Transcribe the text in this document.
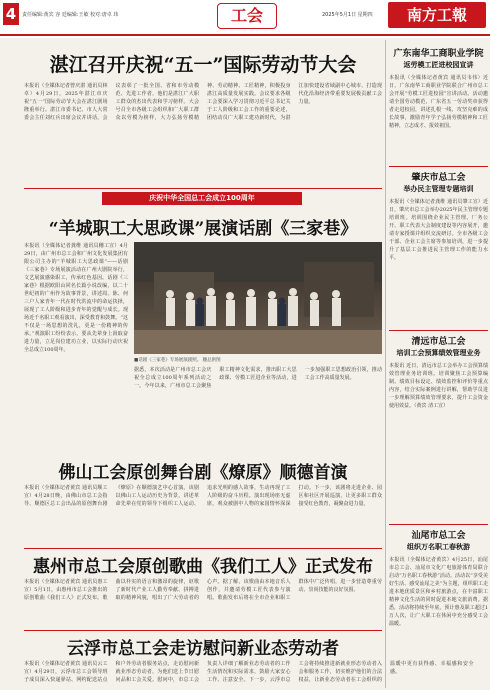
4	责任编辑:黄宾 容 廷编辑:王敏 校对:唐卓 玮	工会	2025年5月1日 星期四	南方工報
湛江召开庆祝“五一”国际劳动节大会
本报讯（全媒体记者曾庆湛 通讯员林卓）4月29日，2025年湛江市庆祝“五一”国际劳动节大会在湛江剧场隆重举行。湛江市委书记、市人大常委会主任刘红兵出席会议并讲话。会议表彰了一批全国、省和市劳动模范、先进工作者，他们是湛江广大职工群众的杰出代表和学习榜样。大会号召全市各级工会组织和广大职工群众以劳模为榜样，大力弘扬劳模精神、劳动精神、工匠精神，积极投身湛江高质量发展实践。会议要求各级工会要深入学习贯彻习近平总书记关于工人阶级和工会工作的重要论述，团结动员广大职工建功新时代，为湛江加快建设省域副中心城市、打造现代化沿海经济带重要发展极贡献工会力量。
庆祝中华全国总工会成立100周年
“羊城职工大思政课”展演话剧《三家巷》
本报讯（全媒体记者龚维 通讯员穗工宣）4月29日，由广州市总工会和广州文化发展集团有限公司主办的“羊城职工大思政课”——话剧《三家巷》专场展演活动在广州大剧院举行，文艺展演感染职工，传承红色基因。话剧《三家巷》根据欧阳山同名长篇小说改编，以二十世纪初的广州作为故事背景，讲述周、陈、何三户人家青年一代在时代洪流中的命运抉择，展现了工人阶级和进步青年的觉醒与成长。现场近千名职工观看演出，深受教育和鼓舞。“这不仅是一场思想的洗礼，更是一份精神的传承。”观演职工纷纷表示，要从先辈身上汲取奋进力量，立足岗位建功立业，以实际行动庆祝全总成立100周年。
■话剧《三家巷》专场展演剧照。 穗总供图
据悉，本次活动是广州市总工会庆祝全总成立100周年系列活动之一。今年以来，广州市总工会聚焦职工精神文化需求，推出职工大思政课、劳模工匠进企业等活动，进一步加强职工思想政治引领，推动工会工作高质量发展。
佛山工会原创舞台剧《燎原》顺德首演
本报讯（全媒体记者黄宾 通讯员顺工宣）4月28日晚，由佛山市总工会指导、顺德区总工会出品的原创舞台剧《燎原》在顺德演艺中心首演。该剧以佛山工人运动历史为背景，讲述革命先辈在党的领导下组织工人运动、追求光明的感人故事，生动再现了工人阶级的奋斗历程。演出现场座无虚席，观众被剧中人物的家国情怀深深打动。下一步，该剧将走进企业、园区和社区开展巡演，让更多职工群众接受红色教育，凝聚奋进力量。
惠州市总工会原创歌曲《我们工人》正式发布
本报讯（全媒体记者黄宾 通讯员惠工宣）5月1日，由惠州市总工会推出的原创歌曲《我们工人》正式发布。歌曲以朴实的语言和激昂的旋律，讴歌了新时代产业工人勤劳奉献、拼搏进取的精神风貌，唱出了广大劳动者的心声。据了解，该歌曲由本地音乐人创作，并邀请劳模工匠代表参与演唱。歌曲发布后将在全市企业和职工群体中广泛传唱，进一步营造尊重劳动、崇尚技能的良好氛围。
云浮市总工会走访慰问新业态劳动者
本报讯（全媒体记者黄宾 通讯员云工宣）4月29日，云浮市总工会领导班子成员深入快递驿站、网约配送站点和户外劳动者服务站点，走访慰问新就业形态劳动者，为他们送上节日慰问品和工会关爱。慰问中，市总工会负责人详细了解新业态劳动者的工作生活情况和实际需求，鼓励大家安心工作、注意安全。下一步，云浮市总工会将持续推进新就业形态劳动者入会和服务工作，切实维护他们的合法权益，让新业态劳动者在工会组织的温暖中更有获得感、幸福感和安全感。
广东南华工商职业学院
返劳模工匠进校园宣讲
本报讯（全媒体记者黄宾 通讯员韦伟）近日，广东南华工商职业学院联合广州市总工会开展“劳模工匠进校园”宣讲活动。活动邀请全国劳动模范、广东省五一劳动奖章获得者走进校园，讲述扎根一线、攻坚克难的成长故事，激励青年学子弘扬劳模精神和工匠精神，立志成才、报效祖国。
肇庆市总工会
举办民主管理专题培训
本报讯（全媒体记者龚维 通讯员肇工宣）近日，肇庆市总工会举办2025年民主管理专题培训班。培训围绕企业民主管理、厂务公开、职工代表大会制度建设等内容展开，邀请专家授课并组织交流研讨。全市各级工会干部、企业工会主席等参加培训，进一步提升了基层工会推进民主管理工作的能力水平。
清远市总工会
培训工会预算绩效管理业务
本报讯 近日，清远市总工会举办工会预算绩效管理业务培训班。培训聚焦工会预算编制、绩效目标设定、绩效监控和评价等重点内容，结合实际案例进行讲解，帮助学员进一步理解预算绩效管理要求，提升工会资金使用效益。（黄宾 清工宣）
汕尾市总工会
组织万名职工春秋游
本报讯（全媒体记者黄宾）4月25日，汕尾市总工会、汕尾市文化广电旅游体育局联合启动“万名职工春秋游”活动。活动以“享受美好生活、感受汕尾之美”为主题，组织职工走进本地优质景区和乡村旅游点，在丰富职工精神文化生活的同时促进本地文旅消费。据悉，活动将持续至年底，预计惠及职工超过1万人次，让广大职工在休闲中充分感受工会温暖。
